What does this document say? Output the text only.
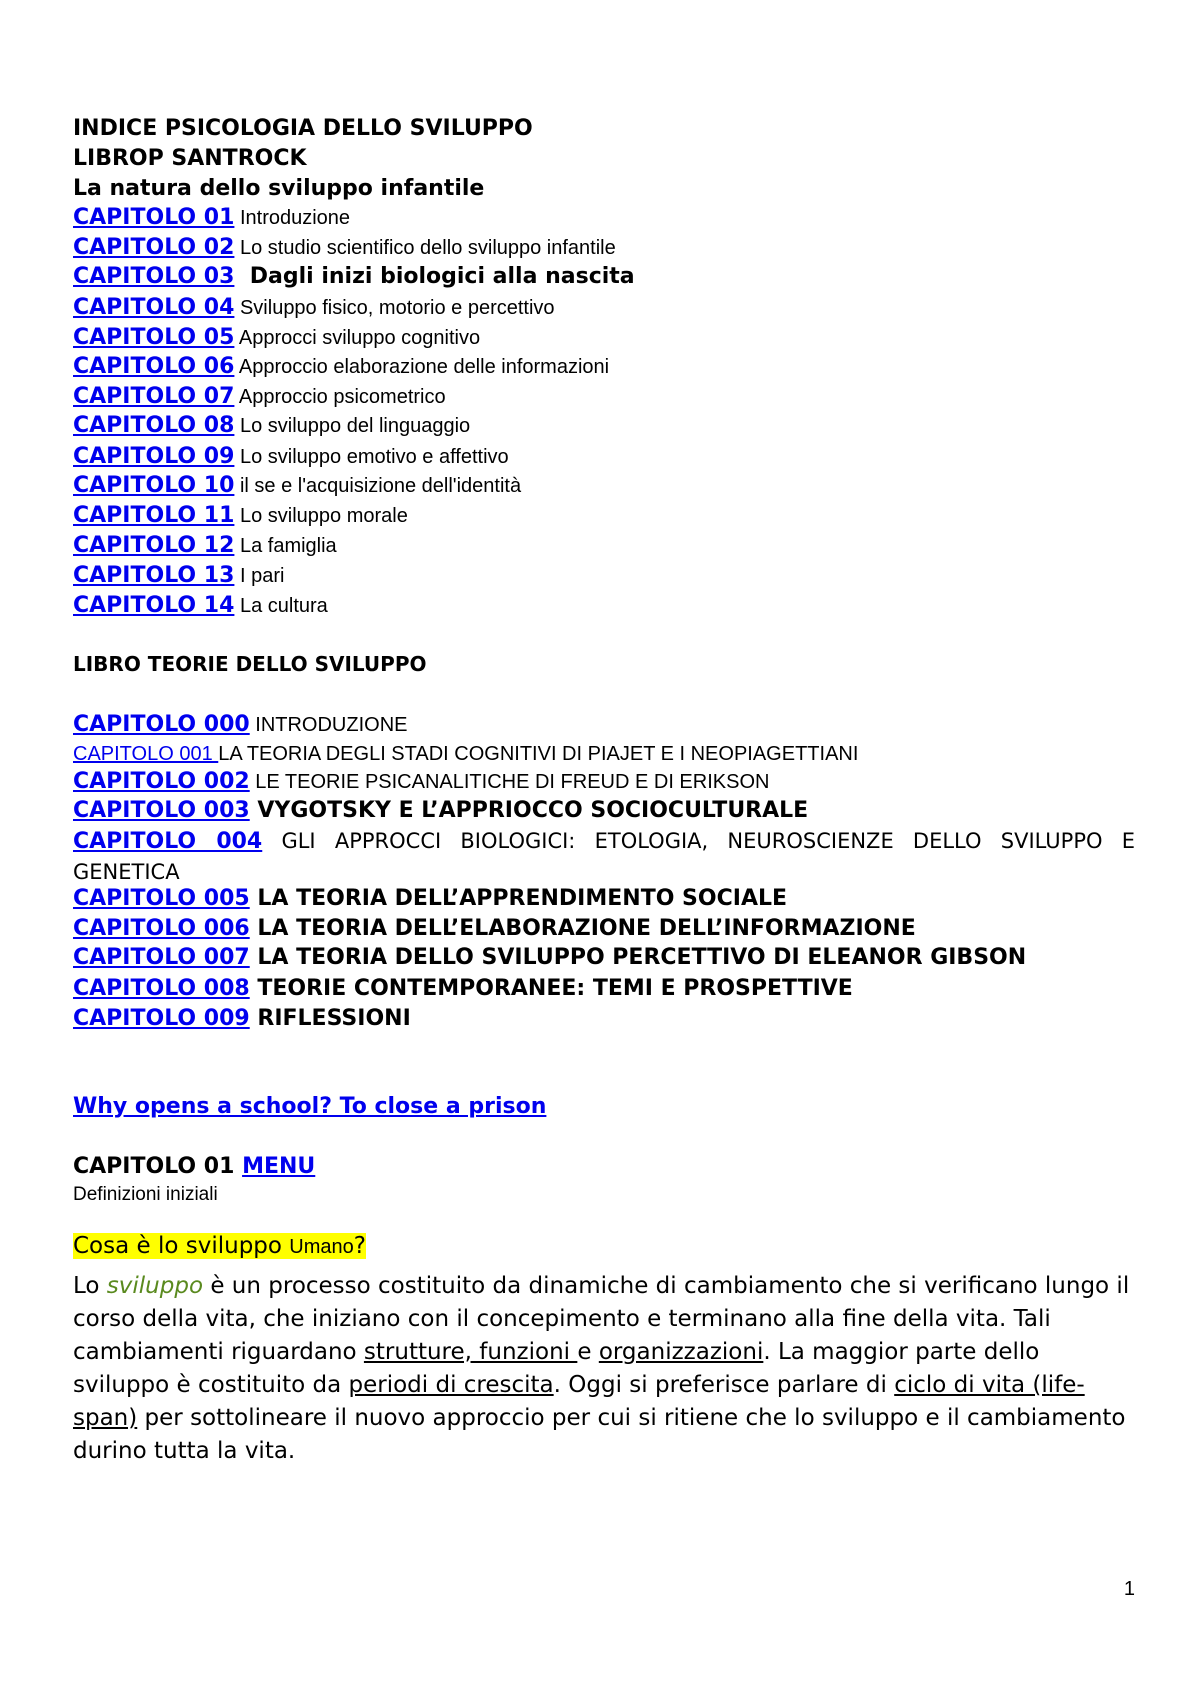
INDICE PSICOLOGIA DELLO SVILUPPO
LIBROP SANTROCK
La natura dello sviluppo infantile
CAPITOLO 01 Introduzione
CAPITOLO 02 Lo studio scientifico dello sviluppo infantile
CAPITOLO 03 Dagli inizi biologici alla nascita
CAPITOLO 04 Sviluppo fisico, motorio e percettivo
CAPITOLO 05 Approcci sviluppo cognitivo
CAPITOLO 06 Approccio elaborazione delle informazioni
CAPITOLO 07 Approccio psicometrico
CAPITOLO 08 Lo sviluppo del linguaggio
CAPITOLO 09 Lo sviluppo emotivo e affettivo
CAPITOLO 10 il se e l'acquisizione dell'identità
CAPITOLO 11 Lo sviluppo morale
CAPITOLO 12 La famiglia
CAPITOLO 13 I pari
CAPITOLO 14 La cultura
LIBRO TEORIE DELLO SVILUPPO
CAPITOLO 000 INTRODUZIONE
CAPITOLO 001 LA TEORIA DEGLI STADI COGNITIVI DI PIAJET E I NEOPIAGETTIANI
CAPITOLO 002 LE TEORIE PSICANALITICHE DI FREUD E DI ERIKSON
CAPITOLO 003 VYGOTSKY E L’APPRIOCCO SOCIOCULTURALE
CAPITOLO 004 GLI APPROCCI BIOLOGICI: ETOLOGIA, NEUROSCIENZE DELLO SVILUPPO E GENETICA
CAPITOLO 005 LA TEORIA DELL’APPRENDIMENTO SOCIALE
CAPITOLO 006 LA TEORIA DELL’ELABORAZIONE DELL’INFORMAZIONE
CAPITOLO 007 LA TEORIA DELLO SVILUPPO PERCETTIVO DI ELEANOR GIBSON
CAPITOLO 008 TEORIE CONTEMPORANEE: TEMI E PROSPETTIVE
CAPITOLO 009 RIFLESSIONI
Why opens a school? To close a prison
CAPITOLO 01 MENU
Definizioni iniziali
Cosa è lo sviluppo Umano?
Lo sviluppo è un processo costituito da dinamiche di cambiamento che si verificano lungo il corso della vita, che iniziano con il concepimento e terminano alla fine della vita. Tali cambiamenti riguardano strutture, funzioni e organizzazioni. La maggior parte dello sviluppo è costituito da periodi di crescita. Oggi si preferisce parlare di ciclo di vita (life-span) per sottolineare il nuovo approccio per cui si ritiene che lo sviluppo e il cambiamento durino tutta la vita.
1
